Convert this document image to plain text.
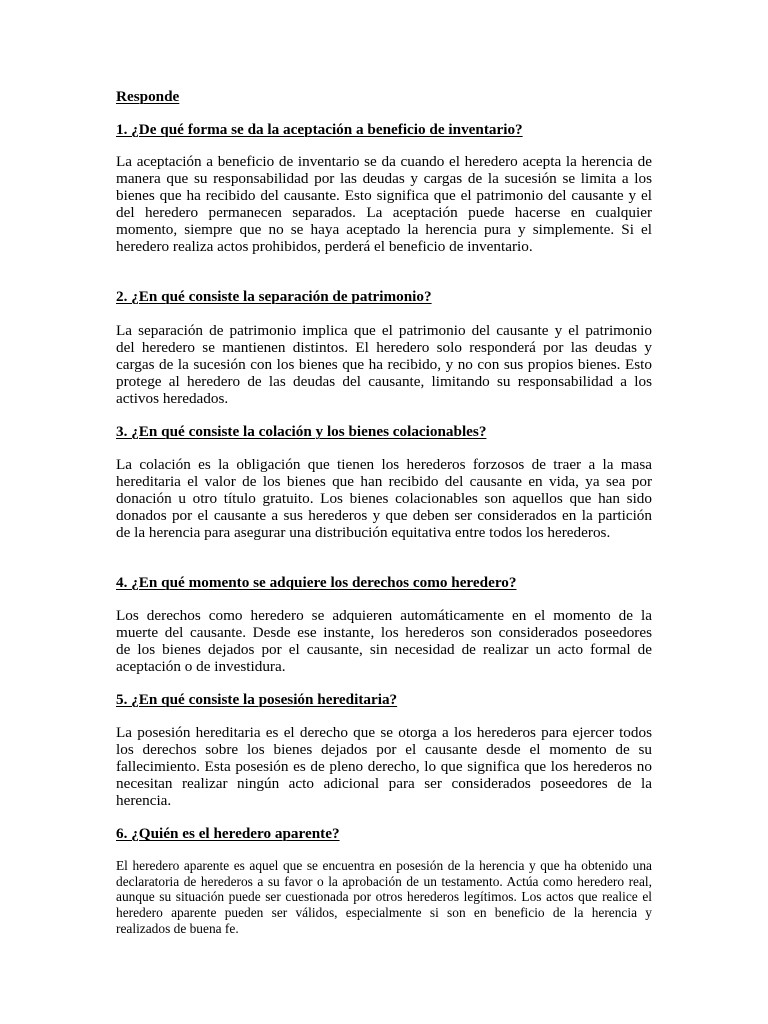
Responde
1. ¿De qué forma se da la aceptación a beneficio de inventario?
La aceptación a beneficio de inventario se da cuando el heredero acepta la herencia de
manera que su responsabilidad por las deudas y cargas de la sucesión se limita a los
bienes que ha recibido del causante. Esto significa que el patrimonio del causante y el
del heredero permanecen separados. La aceptación puede hacerse en cualquier
momento, siempre que no se haya aceptado la herencia pura y simplemente. Si el
heredero realiza actos prohibidos, perderá el beneficio de inventario.
2. ¿En qué consiste la separación de patrimonio?
La separación de patrimonio implica que el patrimonio del causante y el patrimonio
del heredero se mantienen distintos. El heredero solo responderá por las deudas y
cargas de la sucesión con los bienes que ha recibido, y no con sus propios bienes. Esto
protege al heredero de las deudas del causante, limitando su responsabilidad a los
activos heredados.
3. ¿En qué consiste la colación y los bienes colacionables?
La colación es la obligación que tienen los herederos forzosos de traer a la masa
hereditaria el valor de los bienes que han recibido del causante en vida, ya sea por
donación u otro título gratuito. Los bienes colacionables son aquellos que han sido
donados por el causante a sus herederos y que deben ser considerados en la partición
de la herencia para asegurar una distribución equitativa entre todos los herederos.
4. ¿En qué momento se adquiere los derechos como heredero?
Los derechos como heredero se adquieren automáticamente en el momento de la
muerte del causante. Desde ese instante, los herederos son considerados poseedores
de los bienes dejados por el causante, sin necesidad de realizar un acto formal de
aceptación o de investidura.
5. ¿En qué consiste la posesión hereditaria?
La posesión hereditaria es el derecho que se otorga a los herederos para ejercer todos
los derechos sobre los bienes dejados por el causante desde el momento de su
fallecimiento. Esta posesión es de pleno derecho, lo que significa que los herederos no
necesitan realizar ningún acto adicional para ser considerados poseedores de la
herencia.
6. ¿Quién es el heredero aparente?
El heredero aparente es aquel que se encuentra en posesión de la herencia y que ha obtenido una
declaratoria de herederos a su favor o la aprobación de un testamento. Actúa como heredero real,
aunque su situación puede ser cuestionada por otros herederos legítimos. Los actos que realice el
heredero aparente pueden ser válidos, especialmente si son en beneficio de la herencia y
realizados de buena fe.
